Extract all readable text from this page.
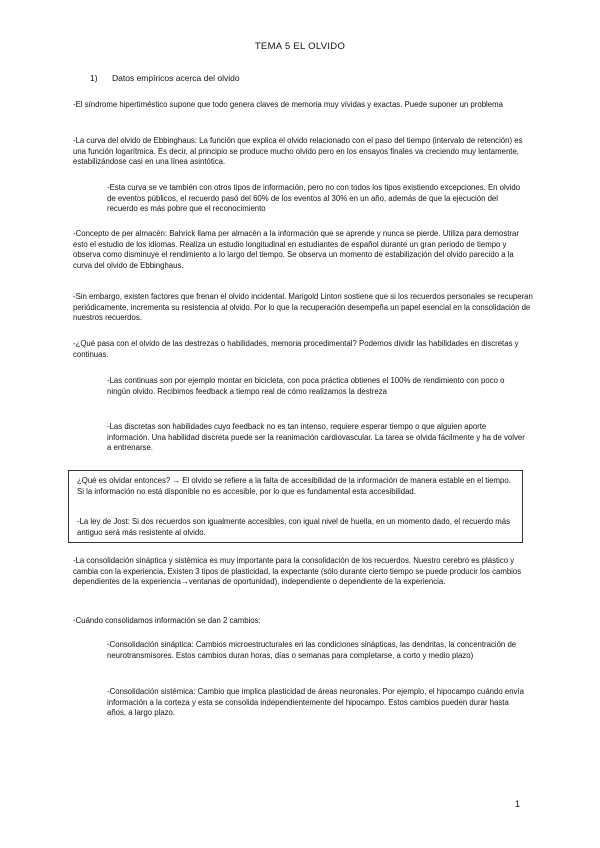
TEMA 5 EL OLVIDO
1) Datos empíricos acerca del olvido

-El síndrome hipertiméstico supone que todo genera claves de memoria muy vívidas y exactas. Puede suponer un problema

-La curva del olvido de Ebbinghaus: La función que explica el olvido relacionado con el paso del tiempo (intervalo de retención) es una función logarítmica. Es decir, al principio se produce mucho olvido pero en los ensayos finales va creciendo muy lentamente, estabilizándose casi en una línea asintótica.

-Esta curva se ve también con otros tipos de información, pero no con todos los tipos existiendo excepciones. En olvido de eventos públicos, el recuerdo pasó del 60% de los eventos al 30% en un año, además de que la ejecución del recuerdo es más pobre que el reconocimiento

-Concepto de per almacén: Bahrick llama per almacén a la información que se aprende y nunca se pierde. Utiliza para demostrar esto el estudio de los idiomas. Realiza un estudio longitudinal en estudiantes de español durante un gran periodo de tiempo y observa como disminuye el rendimiento a lo largo del tiempo. Se observa un momento de estabilización del olvido parecido a la curva del olvido de Ebbinghaus.

-Sin embargo, existen factores que frenan el olvido incidental. Marigold Linton sostiene que si los recuerdos personales se recuperan periódicamente, incrementa su resistencia al olvido. Por lo que la recuperación desempeña un papel esencial en la consolidación de nuestros recuerdos.

-¿Qué pasa con el olvido de las destrezas o habilidades, memoria procedimental? Podemos dividir las habilidades en discretas y continuas.

-Las continuas son por ejemplo montar en bicicleta, con poca práctica obtienes el 100% de rendimiento con poco o ningún olvido. Recibimos feedback a tiempo real de cómo realizamos la destreza

-Las discretas son habilidades cuyo feedback no es tan intenso, requiere esperar tiempo o que alguien aporte información. Una habilidad discreta puede ser la reanimación cardiovascular. La tarea se olvida fácilmente y ha de volver a entrenarse.

¿Qué es olvidar entonces? → El olvido se refiere a la falta de accesibilidad de la información de manera estable en el tiempo. Si la información no está disponible no es accesible, por lo que es fundamental esta accesibilidad.

-La ley de Jost: Si dos recuerdos son igualmente accesibles, con igual nivel de huella, en un momento dado, el recuerdo más antiguo será más resistente al olvido.

-La consolidación sináptica y sistémica es muy importante para la consolidación de los recuerdos. Nuestro cerebro es plástico y cambia con la experiencia, Existen 3 tipos de plasticidad, la expectante (sólo durante cierto tiempo se puede producir los cambios dependientes de la experiencia→ventanas de oportunidad), independiente o dependiente de la experiencia.

-Cuándo consolidamos información se dan 2 cambios:

-Consolidación sináptica: Cambios microestructurales en las condiciones sinápticas, las dendritas, la concentración de neurotransmisores. Estos cambios duran horas, días o semanas para completarse, a corto y medio plazo)

-Consolidación sistémica: Cambio que implica plasticidad de áreas neuronales. Por ejemplo, el hipocampo cuándo envía información a la corteza y esta se consolida independientemente del hipocampo. Estos cambios pueden durar hasta años, a largo plazo.

1
